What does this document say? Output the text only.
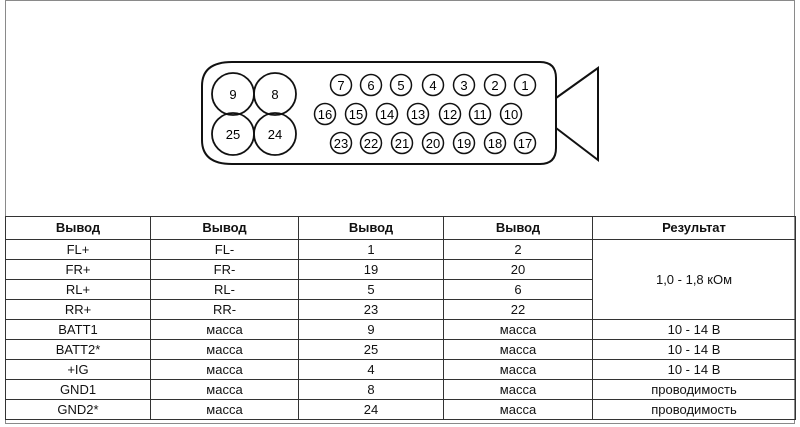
9	8
25 24
7 6 5 4 3 2 1
16 15 14 13 12 11 10
23 22 21 20 19 18 17
Вывод	Вывод	Вывод	Вывод	Результат
FL+	FL-	1	2	1,0 - 1,8 кОм
FR+	FR-	19	20	
RL+	RL-	5	6	
RR+	RR-	23	22	
BATT1	масса	9	масса	10 - 14 В
BATT2*	масса	25	масса	10 - 14 В
+IG	масса	4	масса	10 - 14 В
GND1	масса	8	масса	проводимость
GND2*	масса	24	масса	проводимость
